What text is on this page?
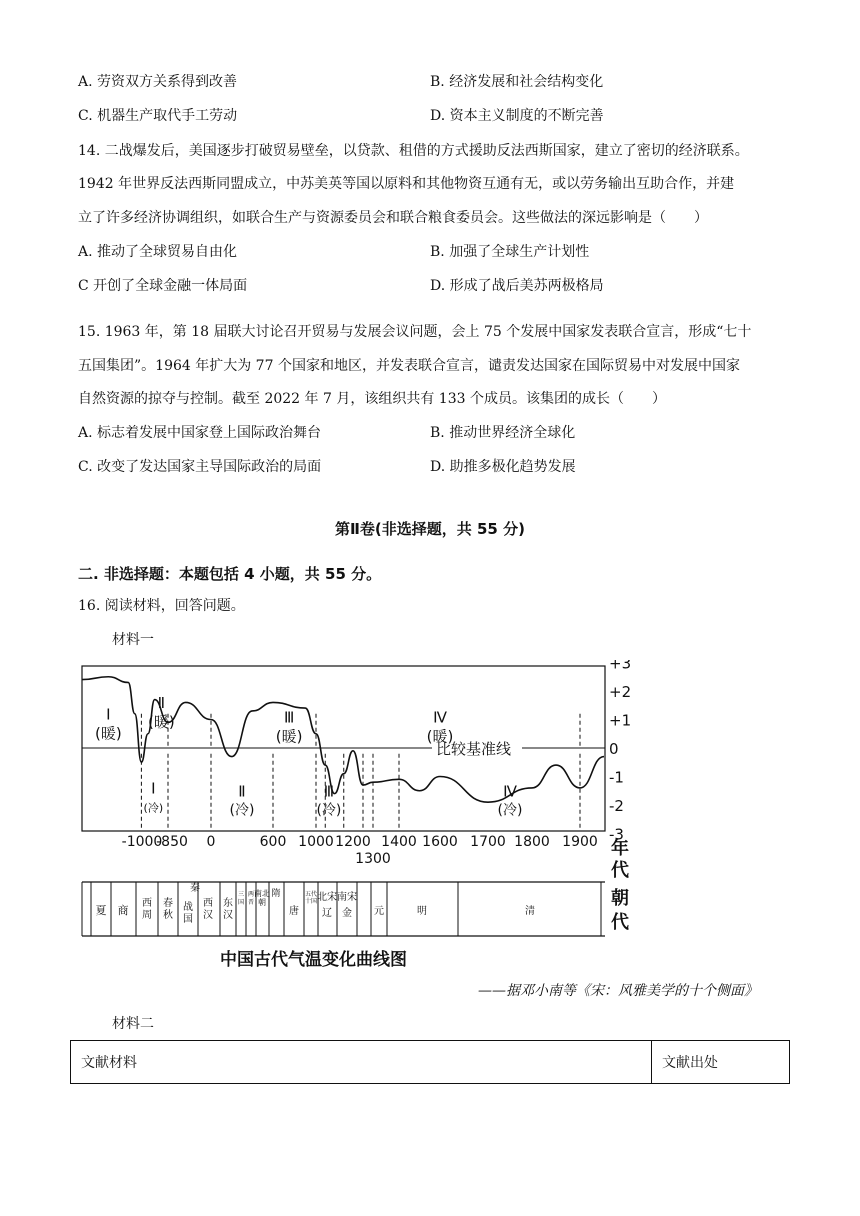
A. 劳资双方关系得到改善	B. 经济发展和社会结构变化
C. 机器生产取代手工劳动	D. 资本主义制度的不断完善
14. 二战爆发后，美国逐步打破贸易壁垒，以贷款、租借的方式援助反法西斯国家，建立了密切的经济联系。
1942 年世界反法西斯同盟成立，中苏美英等国以原料和其他物资互通有无，或以劳务输出互助合作，并建
立了许多经济协调组织，如联合生产与资源委员会和联合粮食委员会。这些做法的深远影响是（　　）
A. 推动了全球贸易自由化	B. 加强了全球生产计划性
C 开创了全球金融一体局面	D. 形成了战后美苏两极格局
15. 1963 年，第 18 届联大讨论召开贸易与发展会议问题，会上 75 个发展中国家发表联合宣言，形成“七十
五国集团”。1964 年扩大为 77 个国家和地区，并发表联合宣言，谴责发达国家在国际贸易中对发展中国家
自然资源的掠夺与控制。截至 2022 年 7 月，该组织共有 133 个成员。该集团的成长（　　）
A. 标志着发展中国家登上国际政治舞台	B. 推动世界经济全球化
C. 改变了发达国家主导国际政治的局面	D. 助推多极化趋势发展
第Ⅱ卷(非选择题，共 55 分)
二. 非选择题：本题包括 4 小题，共 55 分。
16. 阅读材料，回答问题。
材料一
比较基准线
+3
+2
+1
0
-1
-2
-3
Ⅰ
(暖)
Ⅱ
(暖)	Ⅲ
(暖)
Ⅳ
(暖)
Ⅰ
(冷)
Ⅱ
(冷)
Ⅲ
(冷)
Ⅳ
(冷)
-1000
-850 0	600 1000 1200
1300
1400 1600 1700 1800 1900 年
代
夏 商
西
周
春
秋
秦
战
国
西
汉
东
汉
三
国
两
晋
南北
朝
隋
唐
五代
十国 北宋
辽
南宋
金 元	明	清
朝
代
中国古代气温变化曲线图
——据邓小南等《宋：风雅美学的十个侧面》
材料二
文献材料	文献出处
